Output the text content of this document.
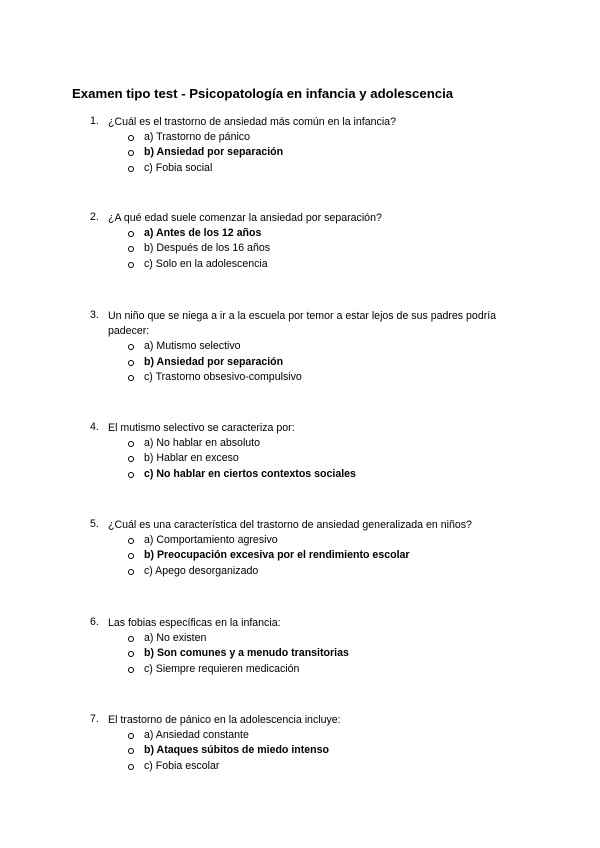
Examen tipo test - Psicopatología en infancia y adolescencia
1. ¿Cuál es el trastorno de ansiedad más común en la infancia?
a) Trastorno de pánico
b) Ansiedad por separación
c) Fobia social
2. ¿A qué edad suele comenzar la ansiedad por separación?
a) Antes de los 12 años
b) Después de los 16 años
c) Solo en la adolescencia
3. Un niño que se niega a ir a la escuela por temor a estar lejos de sus padres podría padecer:
a) Mutismo selectivo
b) Ansiedad por separación
c) Trastorno obsesivo-compulsivo
4. El mutismo selectivo se caracteriza por:
a) No hablar en absoluto
b) Hablar en exceso
c) No hablar en ciertos contextos sociales
5. ¿Cuál es una característica del trastorno de ansiedad generalizada en niños?
a) Comportamiento agresivo
b) Preocupación excesiva por el rendimiento escolar
c) Apego desorganizado
6. Las fobias específicas en la infancia:
a) No existen
b) Son comunes y a menudo transitorias
c) Siempre requieren medicación
7. El trastorno de pánico en la adolescencia incluye:
a) Ansiedad constante
b) Ataques súbitos de miedo intenso
c) Fobia escolar
